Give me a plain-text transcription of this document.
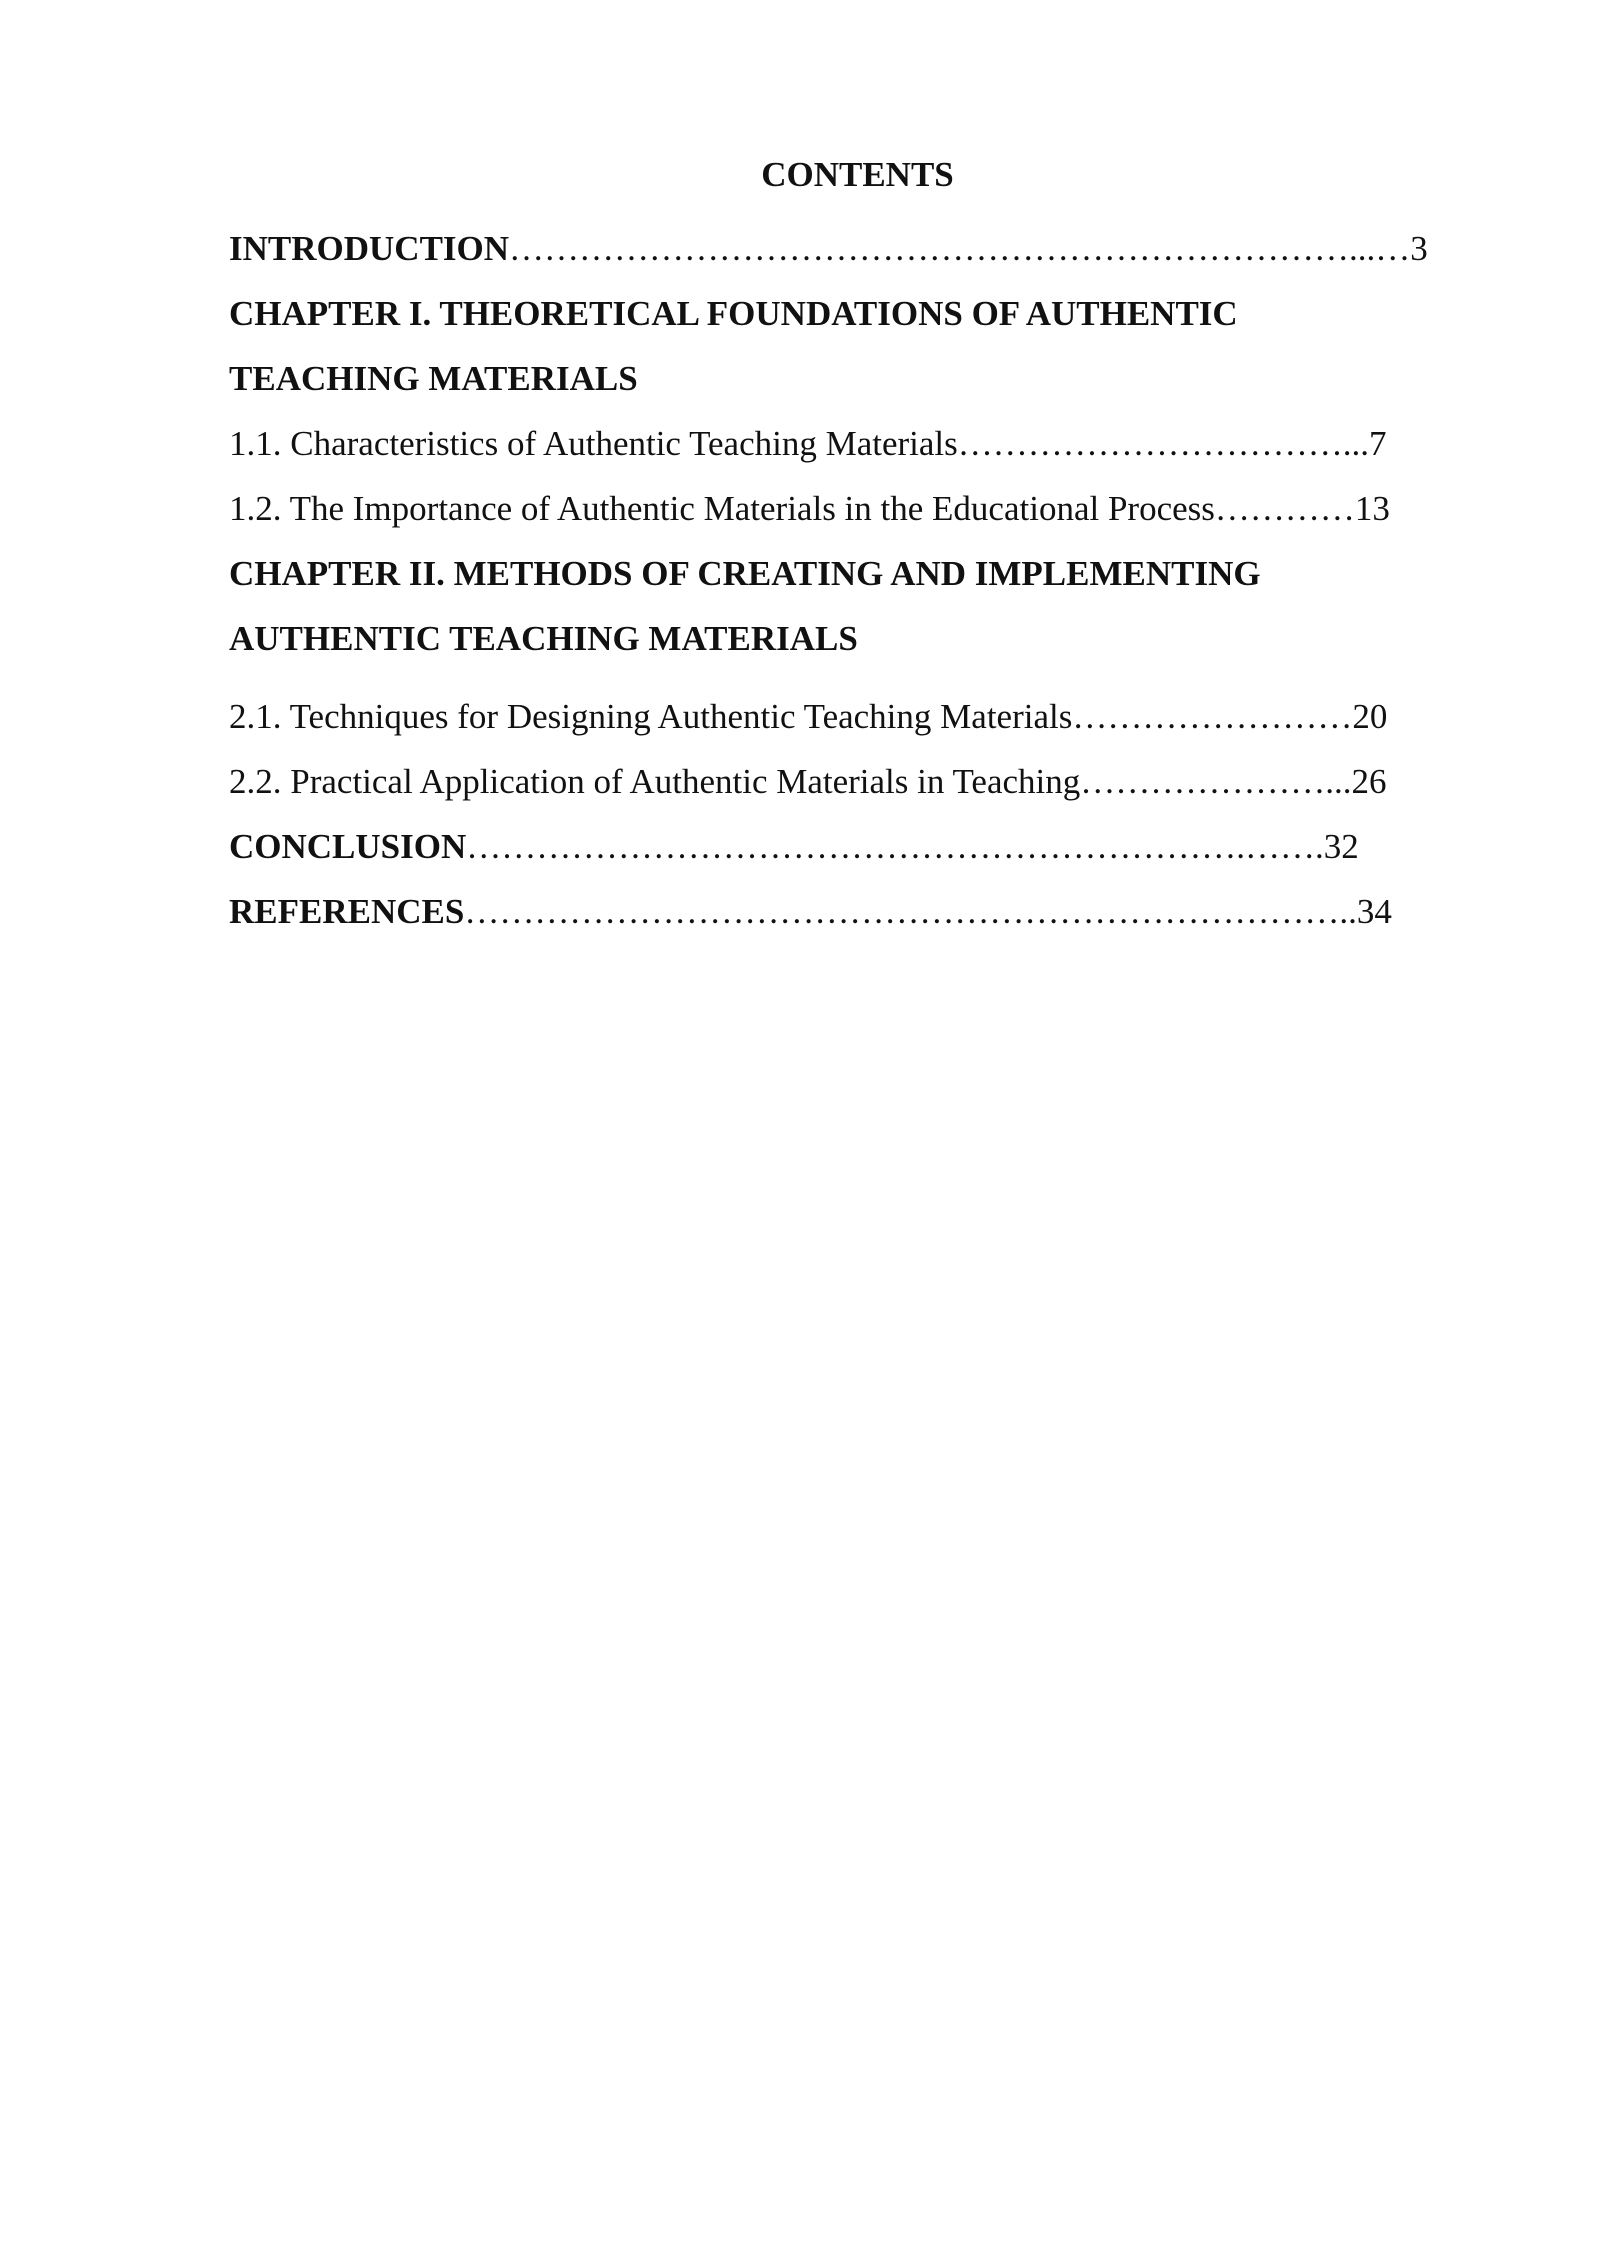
CONTENTS
INTRODUCTION………………………………………………………………...…3
CHAPTER I. THEORETICAL FOUNDATIONS OF AUTHENTIC
TEACHING MATERIALS
1.1. Characteristics of Authentic Teaching Materials……………………………...7
1.2. The Importance of Authentic Materials in the Educational Process…………13
CHAPTER II. METHODS OF CREATING AND IMPLEMENTING
AUTHENTIC TEACHING MATERIALS
2.1. Techniques for Designing Authentic Teaching Materials……………………20
2.2. Practical Application of Authentic Materials in Teaching…………………...26
CONCLUSION………………………………………………………….…….32
REFERENCES…………………………………………………………………..34
